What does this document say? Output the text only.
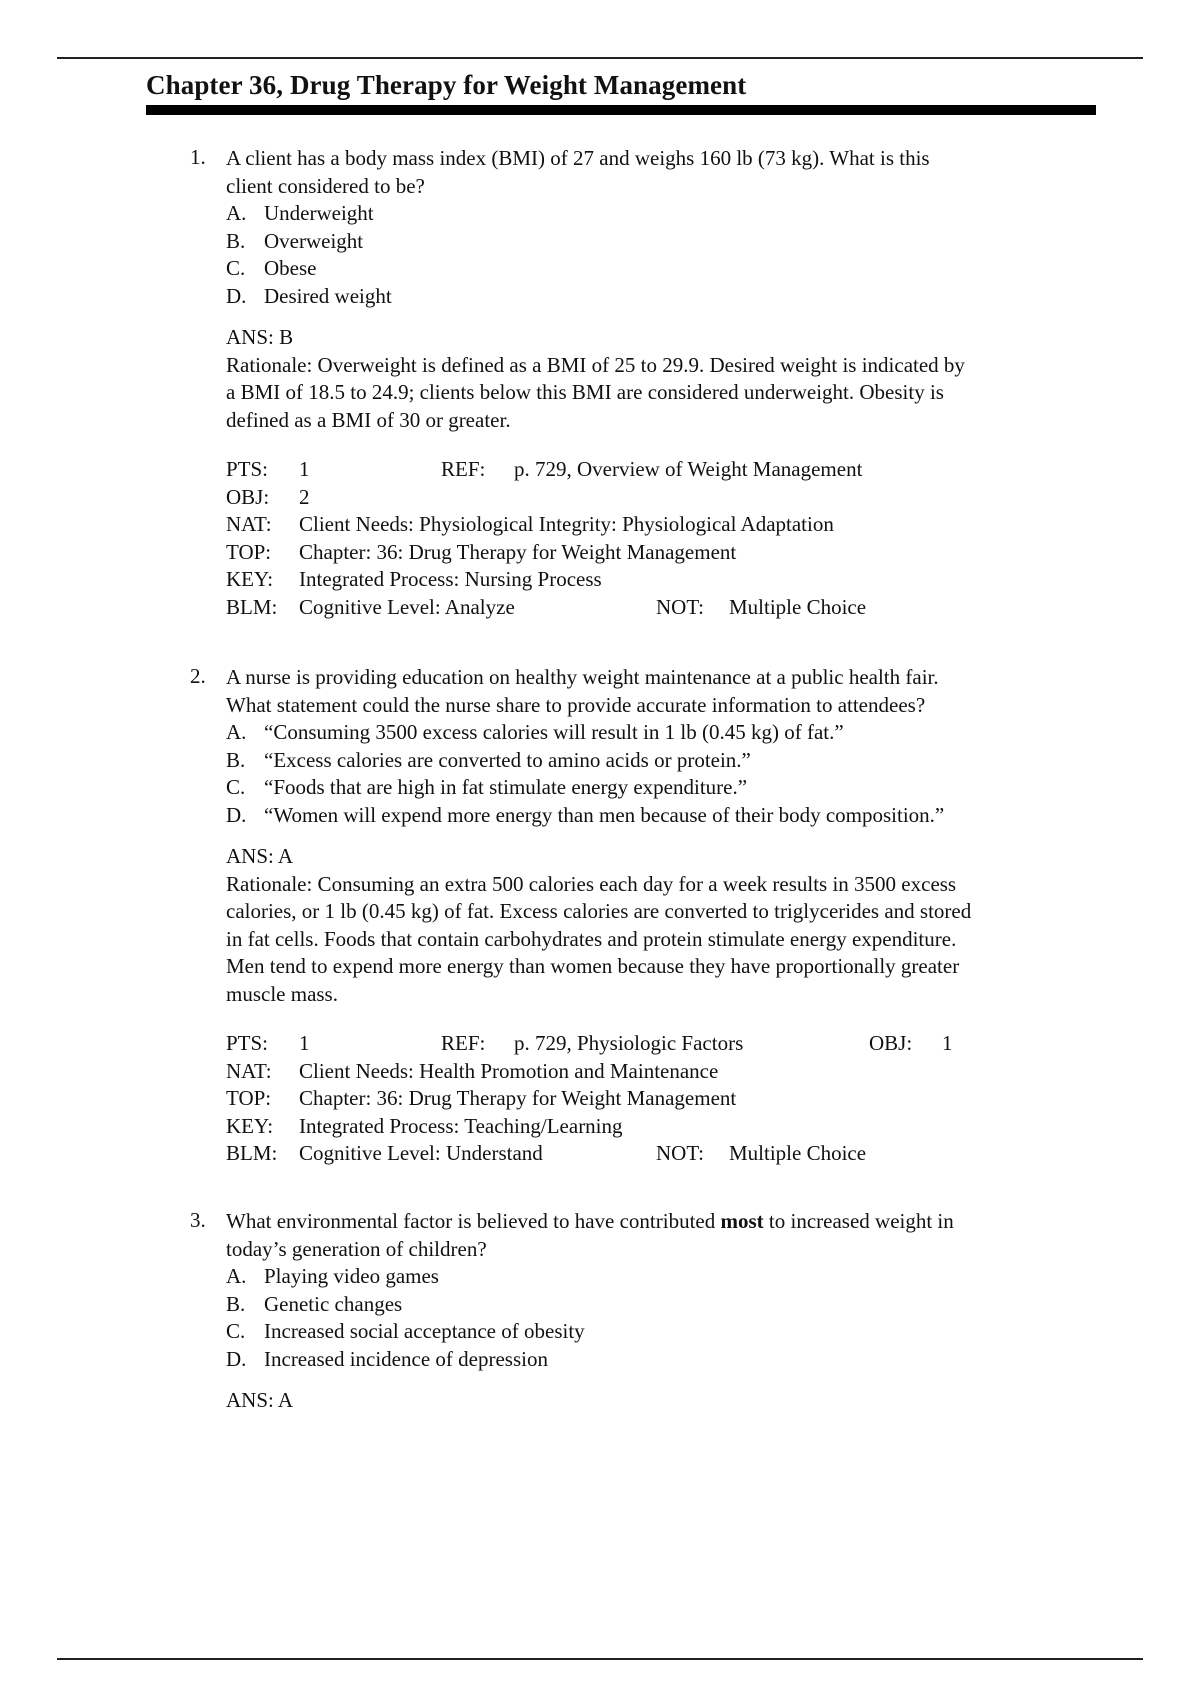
Chapter 36, Drug Therapy for Weight Management
1. A client has a body mass index (BMI) of 27 and weighs 160 lb (73 kg). What is this
client considered to be?
A. Underweight
B. Overweight
C. Obese
D. Desired weight
ANS: B
Rationale: Overweight is defined as a BMI of 25 to 29.9. Desired weight is indicated by
a BMI of 18.5 to 24.9; clients below this BMI are considered underweight. Obesity is
defined as a BMI of 30 or greater.
PTS: 1	REF: p. 729, Overview of Weight Management
OBJ: 2
NAT: Client Needs: Physiological Integrity: Physiological Adaptation
TOP: Chapter: 36: Drug Therapy for Weight Management
KEY: Integrated Process: Nursing Process
BLM: Cognitive Level: Analyze	NOT: Multiple Choice
2. A nurse is providing education on healthy weight maintenance at a public health fair.
What statement could the nurse share to provide accurate information to attendees?
A. “Consuming 3500 excess calories will result in 1 lb (0.45 kg) of fat.”
B. “Excess calories are converted to amino acids or protein.”
C. “Foods that are high in fat stimulate energy expenditure.”
D. “Women will expend more energy than men because of their body composition.”
ANS: A
Rationale: Consuming an extra 500 calories each day for a week results in 3500 excess
calories, or 1 lb (0.45 kg) of fat. Excess calories are converted to triglycerides and stored
in fat cells. Foods that contain carbohydrates and protein stimulate energy expenditure.
Men tend to expend more energy than women because they have proportionally greater
muscle mass.
PTS: 1	REF: p. 729, Physiologic Factors	OBJ: 1
NAT: Client Needs: Health Promotion and Maintenance
TOP: Chapter: 36: Drug Therapy for Weight Management
KEY: Integrated Process: Teaching/Learning
BLM: Cognitive Level: Understand	NOT: Multiple Choice
3. What environmental factor is believed to have contributed most to increased weight in
today’s generation of children?
A. Playing video games
B. Genetic changes
C. Increased social acceptance of obesity
D. Increased incidence of depression
ANS: A
